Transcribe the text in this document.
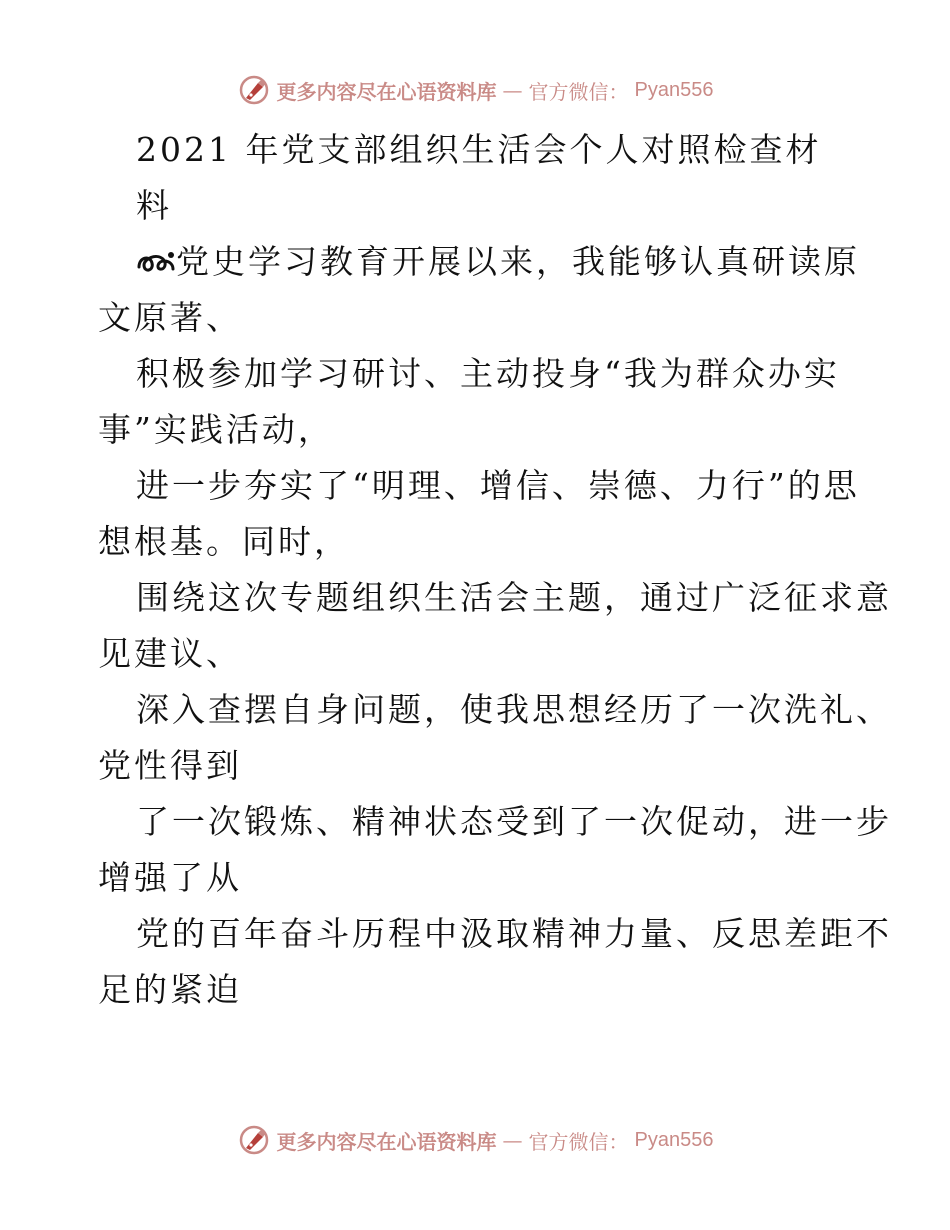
更多内容尽在心语资料库 — 官方微信： Pyan556
2021 年党支部组织生活会个人对照检查材
料
党史学习教育开展以来，我能够认真研读原
文原著、
积极参加学习研讨、主动投身“我为群众办实
事”实践活动，
进一步夯实了“明理、增信、崇德、力行”的思
想根基。同时，
围绕这次专题组织生活会主题，通过广泛征求意
见建议、
深入查摆自身问题，使我思想经历了一次洗礼、
党性得到
了一次锻炼、精神状态受到了一次促动，进一步
增强了从
党的百年奋斗历程中汲取精神力量、反思差距不
足的紧迫
更多内容尽在心语资料库 — 官方微信： Pyan556
